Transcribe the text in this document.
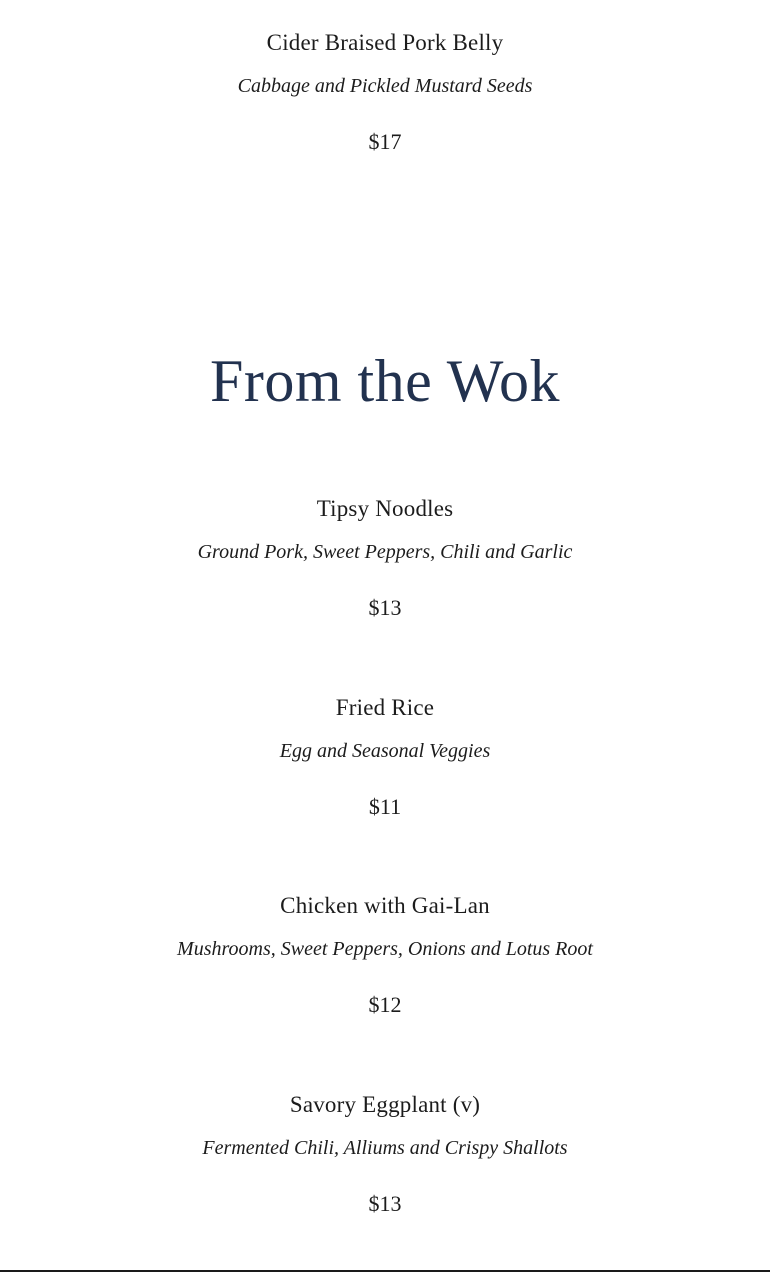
Cider Braised Pork Belly
Cabbage and Pickled Mustard Seeds
$17
From the Wok
Tipsy Noodles
Ground Pork, Sweet Peppers, Chili and Garlic
$13
Fried Rice
Egg and Seasonal Veggies
$11
Chicken with Gai-Lan
Mushrooms, Sweet Peppers, Onions and Lotus Root
$12
Savory Eggplant (v)
Fermented Chili, Alliums and Crispy Shallots
$13
